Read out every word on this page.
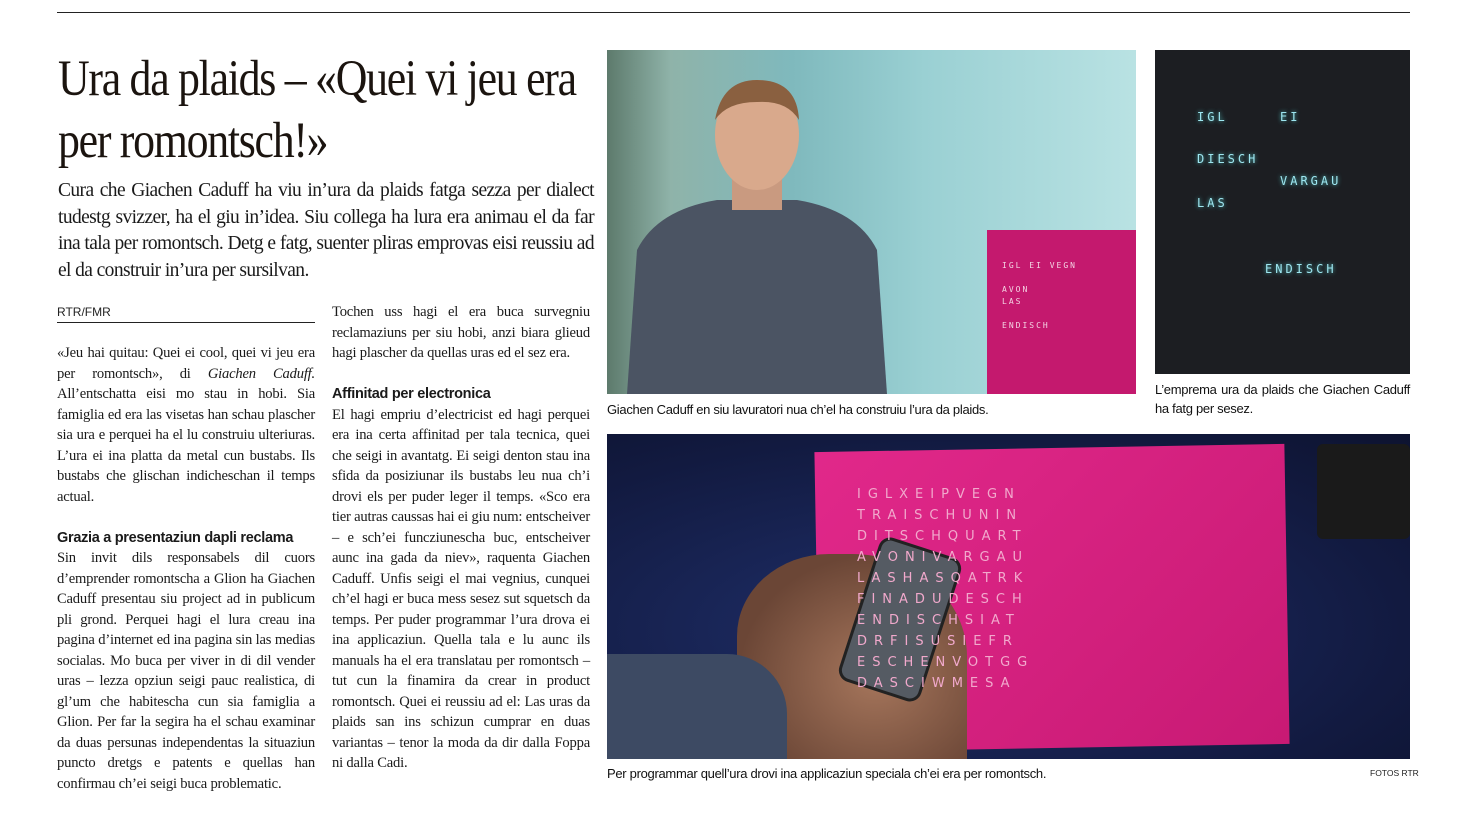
Ura da plaids – «Quei vi jeu era per romontsch!»
Cura che Giachen Caduff ha viu in’ura da plaids fatga sezza per dialect tudestg svizzer, ha el giu in’idea. Siu collega ha lura era animau el da far ina tala per romontsch. Detg e fatg, suenter pliras emprovas eisi reussiu ad el da construir in’ura per sursilvan.
RTR/FMR

«Jeu hai quitau: Quei ei cool, quei vi jeu era per romontsch», di Giachen Caduff. All’entschatta eisi mo stau in hobi. Sia famiglia ed era las visetas han schau plascher sia ura e perquei ha el lu construiu ulteriuras. L’ura ei ina platta da metal cun bustabs. Ils bustabs che glischan indicheschan il temps actual.

Grazia a presentaziun dapli reclama

Sin invit dils responsabels dil cuors d’emprender romontscha a Glion ha Giachen Caduff presentau siu project ad in publicum pli grond. Perquei hagi el lura creau ina pagina d’internet ed ina pagina sin las medias socialas. Mo buca per viver in di dil vender uras – lezza opziun seigi pauc realistica, di gl’um che habitescha cun sia famiglia a Glion. Per far la segira ha el schau examinar da duas persunas independentas la situaziun puncto dretgs e patents e quellas han confirmau ch’ei seigi buca problematic.

Tochen uss hagi el era buca survegniu reclamaziuns per siu hobi, anzi biara glieud hagi plascher da quellas uras ed el sez era.

Affinitad per electronica

El hagi empriu d’electricist ed hagi perquei era ina certa affinitad per tala tecnica, quei che seigi in avantatg. Ei seigi denton stau ina sfida da posiziunar ils bustabs leu nua ch’i drovi els per puder leger il temps. «Sco era tier autras caussas hai ei giu num: entscheiver – e sch’ei funcziunescha buc, entscheiver aunc ina gada da niev», raquenta Giachen Caduff. Unfis seigi el mai vegnius, cunquei ch’el hagi er buca mess sesez sut squetsch da temps. Per puder programmar l’ura drova ei ina applicaziun. Quella tala e lu aunc ils manuals ha el era translatau per romontsch – tut cun la finamira da crear in product romontsch. Quei ei reussiu ad el: Las uras da plaids san ins schizun cumprar en duas variantas – tenor la moda da dir dalla Foppa ni dalla Cadi.

IGL EI VEGN

AVON
LAS

ENDISCH
Giachen Caduff en siu lavuratori nua ch’el ha construiu l’ura da plaids.
IGL	EI
DIESCH
VARGAU
LAS
ENDISCH
L’emprema ura da plaids che Giachen Caduff ha fatg per sesez.
IGLXEIPVEGN
TRAISCHUNIN
DITSCHQUART
AVONIVARGAU
LASHASQATRK
FINADUDESCH
ENDISCHSIAT
DRFISUSIEFR
ESCHENVOTGG
DASCIWMESA
Per programmar quell’ura drovi ina applicaziun speciala ch’ei era per romontsch.	FOTOS RTR
